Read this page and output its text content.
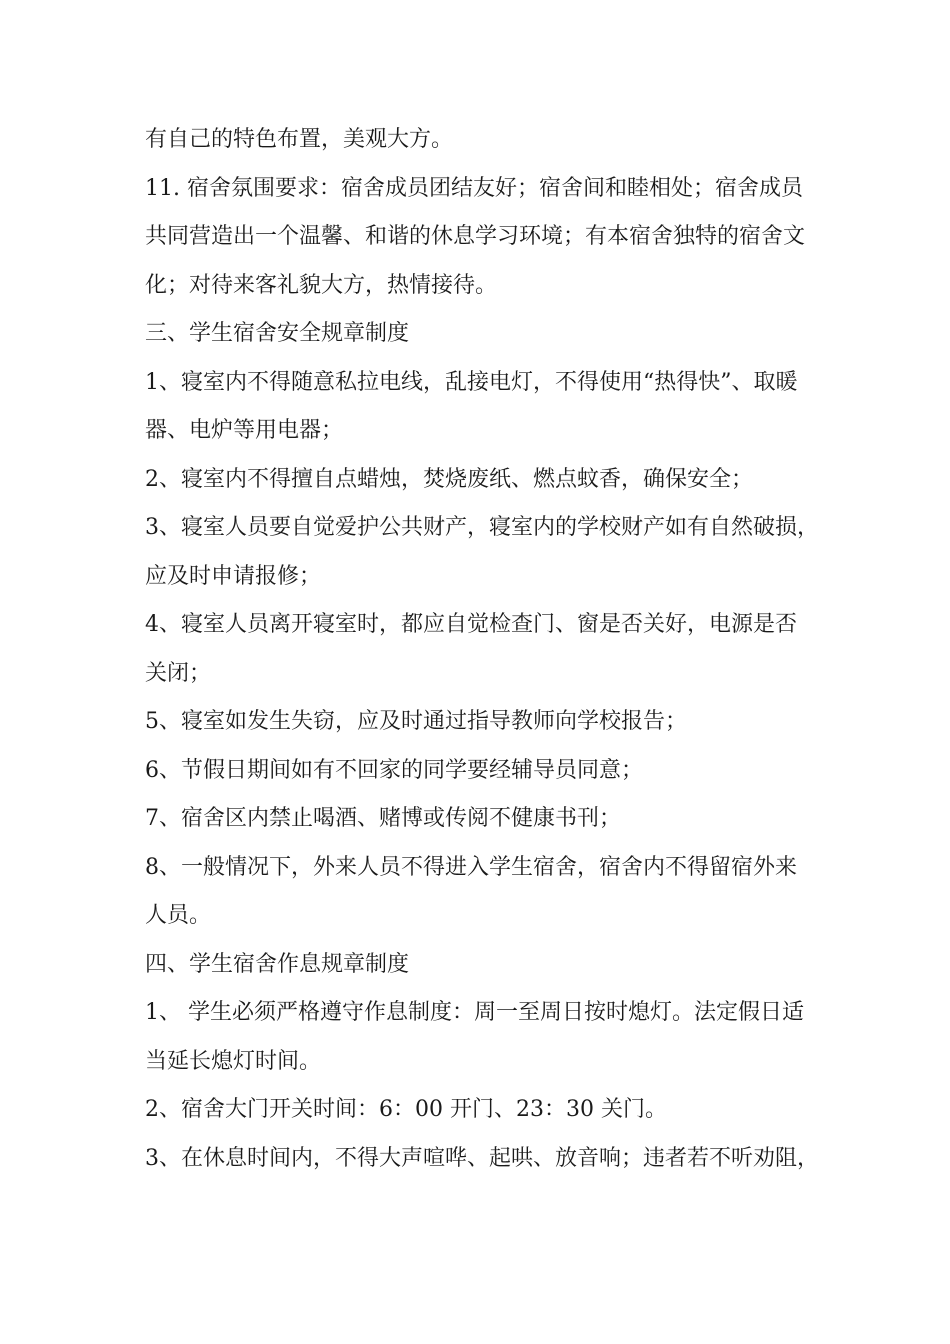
有自己的特色布置，美观大方。
11. 宿舍氛围要求：宿舍成员团结友好；宿舍间和睦相处；宿舍成员
共同营造出一个温馨、和谐的休息学习环境；有本宿舍独特的宿舍文
化；对待来客礼貌大方，热情接待。
三、学生宿舍安全规章制度
1、寝室内不得随意私拉电线，乱接电灯，不得使用“热得快”、取暖
器、电炉等用电器；
2、寝室内不得擅自点蜡烛，焚烧废纸、燃点蚊香，确保安全；
3、寝室人员要自觉爱护公共财产，寝室内的学校财产如有自然破损，
应及时申请报修；
4、寝室人员离开寝室时，都应自觉检查门、窗是否关好，电源是否
关闭；
5、寝室如发生失窃，应及时通过指导教师向学校报告；
6、节假日期间如有不回家的同学要经辅导员同意；
7、宿舍区内禁止喝酒、赌博或传阅不健康书刊；
8、一般情况下，外来人员不得进入学生宿舍，宿舍内不得留宿外来
人员。
四、学生宿舍作息规章制度
1、 学生必须严格遵守作息制度：周一至周日按时熄灯。法定假日适
当延长熄灯时间。
2、宿舍大门开关时间：6：00 开门、23：30 关门。
3、在休息时间内，不得大声喧哗、起哄、放音响；违者若不听劝阻，
